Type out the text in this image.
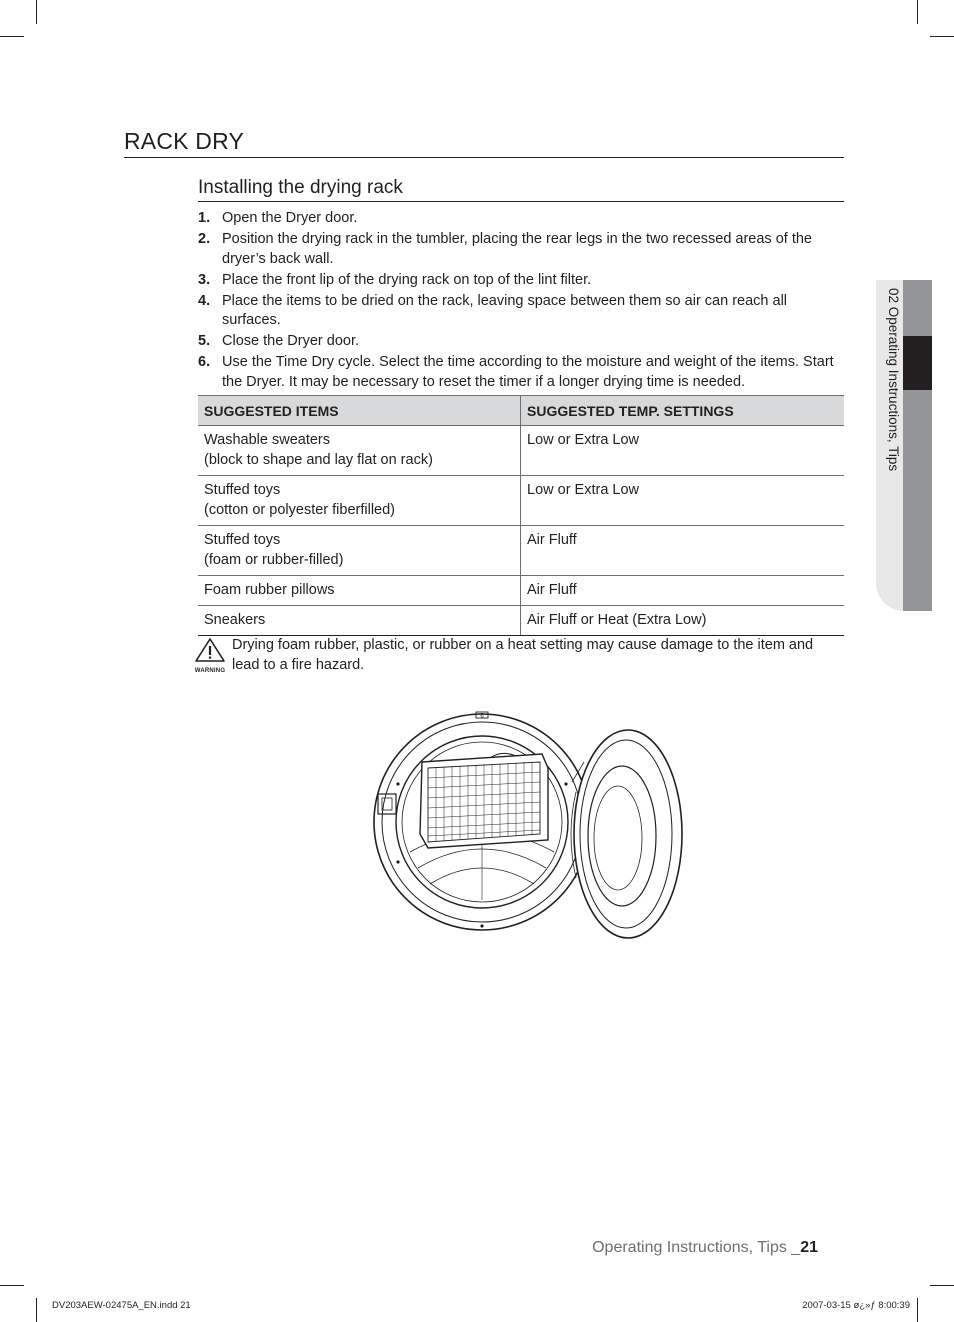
RACK DRY
Installing the drying rack
1. Open the Dryer door.
2. Position the drying rack in the tumbler, placing the rear legs in the two recessed areas of the dryer’s back wall.
3. Place the front lip of the drying rack on top of the lint filter.
4. Place the items to be dried on the rack, leaving space between them so air can reach all surfaces.
5. Close the Dryer door.
6. Use the Time Dry cycle. Select the time according to the moisture and weight of the items. Start the Dryer. It may be necessary to reset the timer if a longer drying time is needed.
SUGGESTED ITEMS	SUGGESTED TEMP. SETTINGS

Washable sweaters
(block to shape and lay flat on rack)	Low or Extra Low

Stuffed toys
(cotton or polyester fiberfilled)	Low or Extra Low

Stuffed toys
(foam or rubber-filled)	Air Fluff

Foam rubber pillows	Air Fluff

Sneakers	Air Fluff or Heat (Extra Low)
WARNING
Drying foam rubber, plastic, or rubber on a heat setting may cause damage to the item and lead to a fire hazard.
6
02 Operating Instructions, Tips
Operating Instructions, Tips _21
DV203AEW-02475A_EN.indd 21	2007-03-15 ø¿»ƒ 8:00:39
